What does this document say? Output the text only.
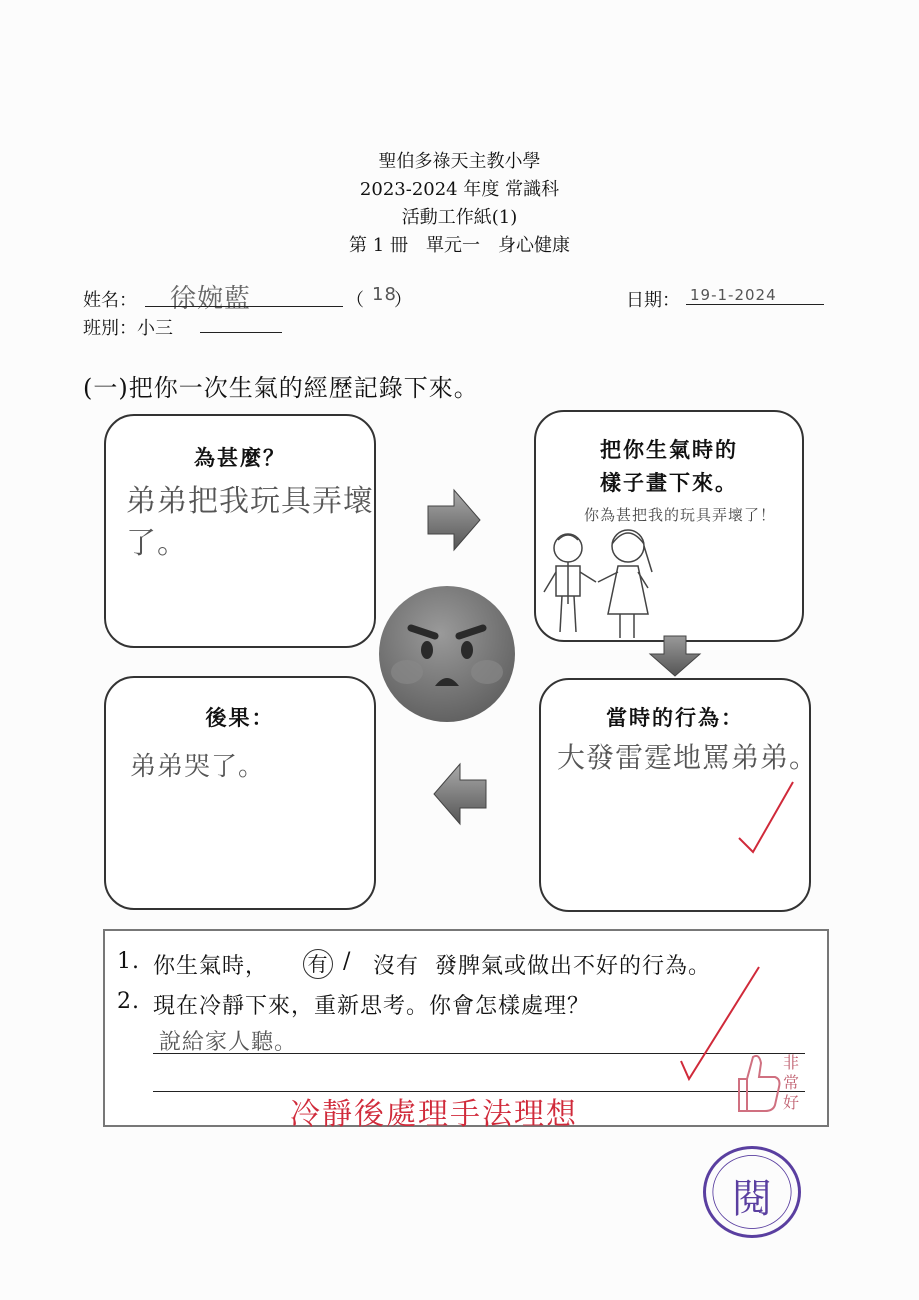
聖伯多祿天主教小學
2023-2024 年度 常識科
活動工作紙(1)
第 1 冊　單元一　身心健康
姓名： 徐婉藍	（ 18
）	日期： 19-1-2024
班別：小三
(一)把你一次生氣的經歷記錄下來。
為甚麼？
弟弟把我玩具弄壞
了。
把你生氣時的
樣子畫下來。
你為甚把我的玩具弄壞了！
後果：
弟弟哭了。
當時的行為：
大發雷霆地罵弟弟。
1. 你生氣時， 有 / 沒有 發脾氣或做出不好的行為。
2. 現在冷靜下來，重新思考。你會怎樣處理？
說給家人聽。
冷靜後處理手法理想
非常好
閱
